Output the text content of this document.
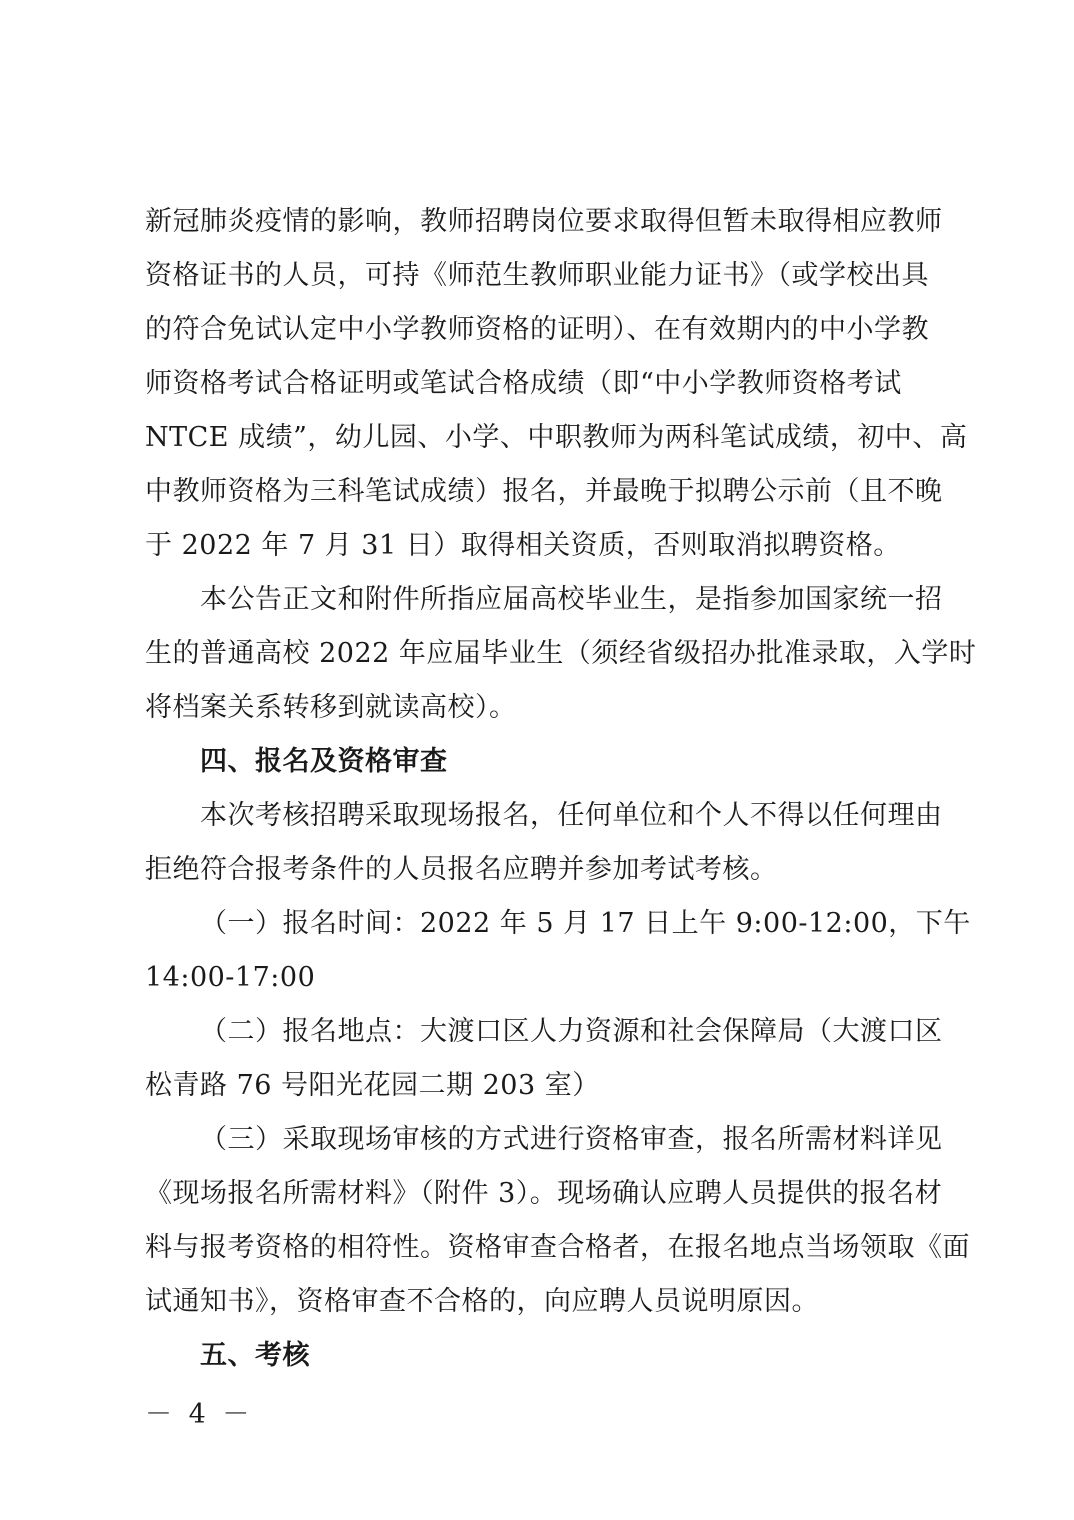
新冠肺炎疫情的影响，教师招聘岗位要求取得但暂未取得相应教师
资格证书的人员，可持《师范生教师职业能力证书》（或学校出具
的符合免试认定中小学教师资格的证明）、在有效期内的中小学教
师资格考试合格证明或笔试合格成绩（即“中小学教师资格考试
NTCE 成绩”，幼儿园、小学、中职教师为两科笔试成绩，初中、高
中教师资格为三科笔试成绩）报名，并最晚于拟聘公示前（且不晚
于 2022 年 7 月 31 日）取得相关资质，否则取消拟聘资格。
本公告正文和附件所指应届高校毕业生，是指参加国家统一招
生的普通高校 2022 年应届毕业生（须经省级招办批准录取，入学时
将档案关系转移到就读高校）。
四、报名及资格审查
本次考核招聘采取现场报名，任何单位和个人不得以任何理由
拒绝符合报考条件的人员报名应聘并参加考试考核。
（一）报名时间：2022 年 5 月 17 日上午 9:00-12:00，下午
14:00-17:00
（二）报名地点：大渡口区人力资源和社会保障局（大渡口区
松青路 76 号阳光花园二期 203 室）
（三）采取现场审核的方式进行资格审查，报名所需材料详见
《现场报名所需材料》（附件 3）。现场确认应聘人员提供的报名材
料与报考资格的相符性。资格审查合格者，在报名地点当场领取《面
试通知书》，资格审查不合格的，向应聘人员说明原因。
五、考核
－ 4 －
